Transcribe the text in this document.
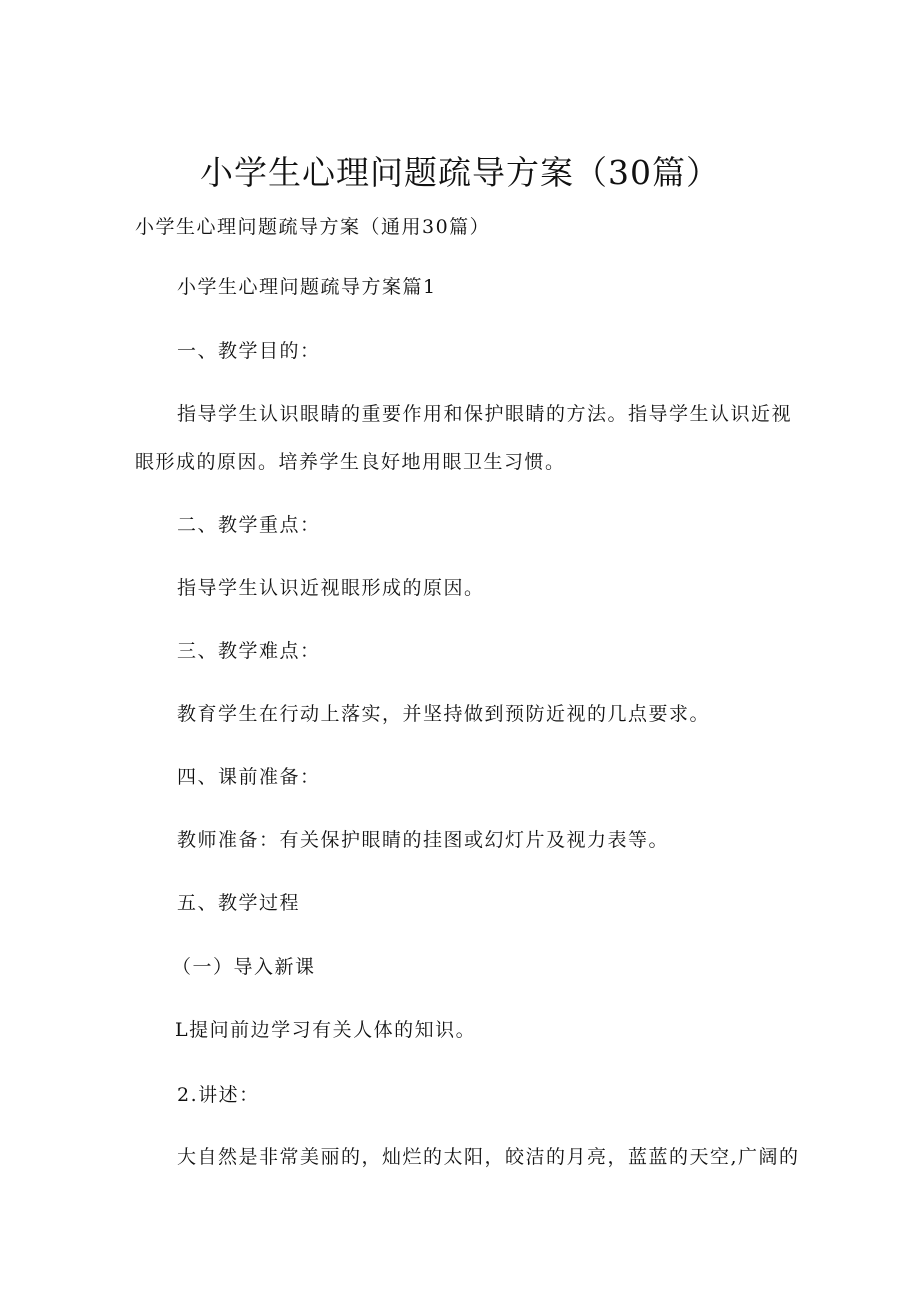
小学生心理问题疏导方案（30篇）
小学生心理问题疏导方案（通用30篇）
小学生心理问题疏导方案篇1
一、教学目的：
指导学生认识眼睛的重要作用和保护眼睛的方法。指导学生认识近视
眼形成的原因。培养学生良好地用眼卫生习惯。
二、教学重点：
指导学生认识近视眼形成的原因。
三、教学难点：
教育学生在行动上落实，并坚持做到预防近视的几点要求。
四、课前准备：
教师准备：有关保护眼睛的挂图或幻灯片及视力表等。
五、教学过程
（一）导入新课
L提问前边学习有关人体的知识。
2.讲述：
大自然是非常美丽的，灿烂的太阳，皎洁的月亮，蓝蓝的天空,广阔的
